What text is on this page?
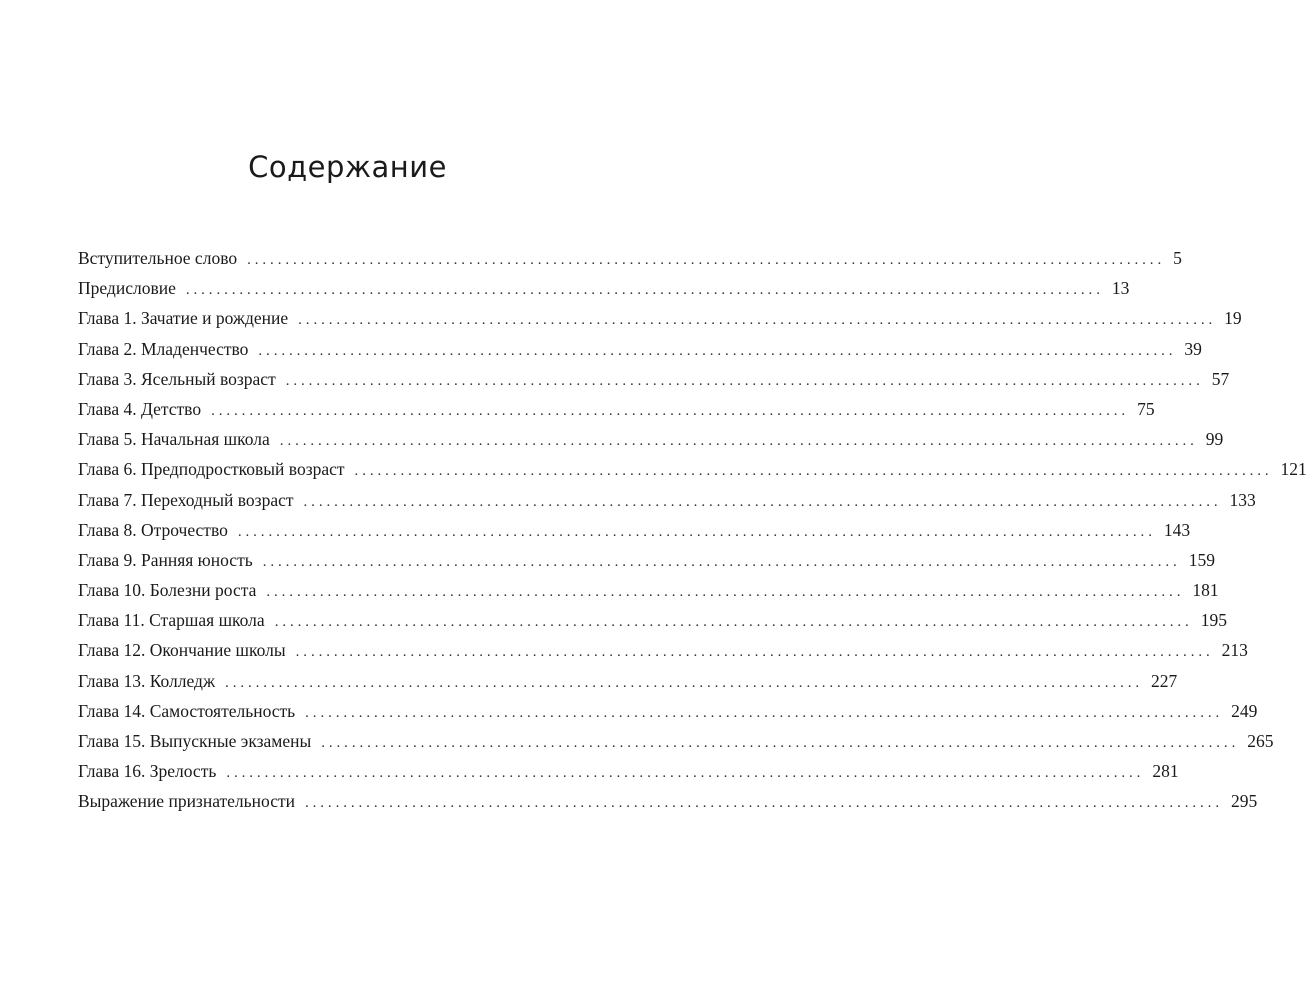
Содержание
Вступительное слово ........................................................................................................................ 5
Предисловие ........................................................................................................................ 13
Глава 1. Зачатие и рождение ........................................................................................................................ 19
Глава 2. Младенчество ........................................................................................................................ 39
Глава 3. Ясельный возраст ........................................................................................................................ 57
Глава 4. Детство ........................................................................................................................ 75
Глава 5. Начальная школа ........................................................................................................................ 99
Глава 6. Предподростковый возраст ........................................................................................................................ 121
Глава 7. Переходный возраст ........................................................................................................................ 133
Глава 8. Отрочество ........................................................................................................................ 143
Глава 9. Ранняя юность ........................................................................................................................ 159
Глава 10. Болезни роста ........................................................................................................................ 181
Глава 11. Старшая школа ........................................................................................................................ 195
Глава 12. Окончание школы ........................................................................................................................ 213
Глава 13. Колледж ........................................................................................................................ 227
Глава 14. Самостоятельность ........................................................................................................................ 249
Глава 15. Выпускные экзамены ........................................................................................................................ 265
Глава 16. Зрелость ........................................................................................................................ 281
Выражение признательности ........................................................................................................................ 295
